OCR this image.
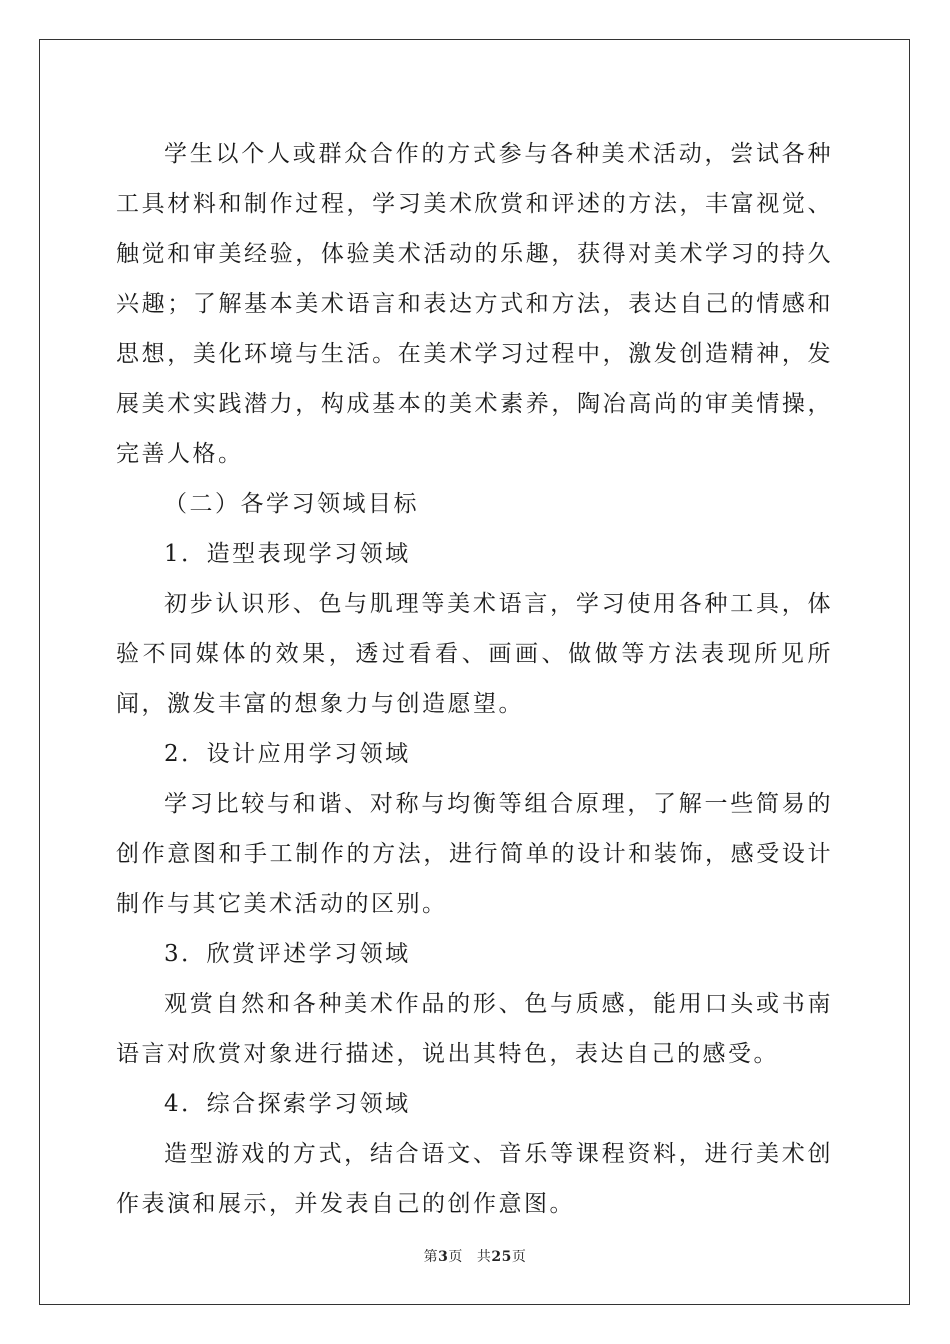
学生以个人或群众合作的方式参与各种美术活动，尝试各种工具材料和制作过程，学习美术欣赏和评述的方法，丰富视觉、触觉和审美经验，体验美术活动的乐趣，获得对美术学习的持久兴趣；了解基本美术语言和表达方式和方法，表达自己的情感和思想，美化环境与生活。在美术学习过程中，激发创造精神，发展美术实践潜力，构成基本的美术素养，陶冶高尚的审美情操，完善人格。

（二）各学习领域目标

1．造型表现学习领域

初步认识形、色与肌理等美术语言，学习使用各种工具，体验不同媒体的效果，透过看看、画画、做做等方法表现所见所闻，激发丰富的想象力与创造愿望。

2．设计应用学习领域

学习比较与和谐、对称与均衡等组合原理，了解一些简易的创作意图和手工制作的方法，进行简单的设计和装饰，感受设计制作与其它美术活动的区别。

3．欣赏评述学习领域

观赏自然和各种美术作品的形、色与质感，能用口头或书南语言对欣赏对象进行描述，说出其特色，表达自己的感受。

4．综合探索学习领域

造型游戏的方式，结合语文、音乐等课程资料，进行美术创作表演和展示，并发表自己的创作意图。

第3页 共25页
